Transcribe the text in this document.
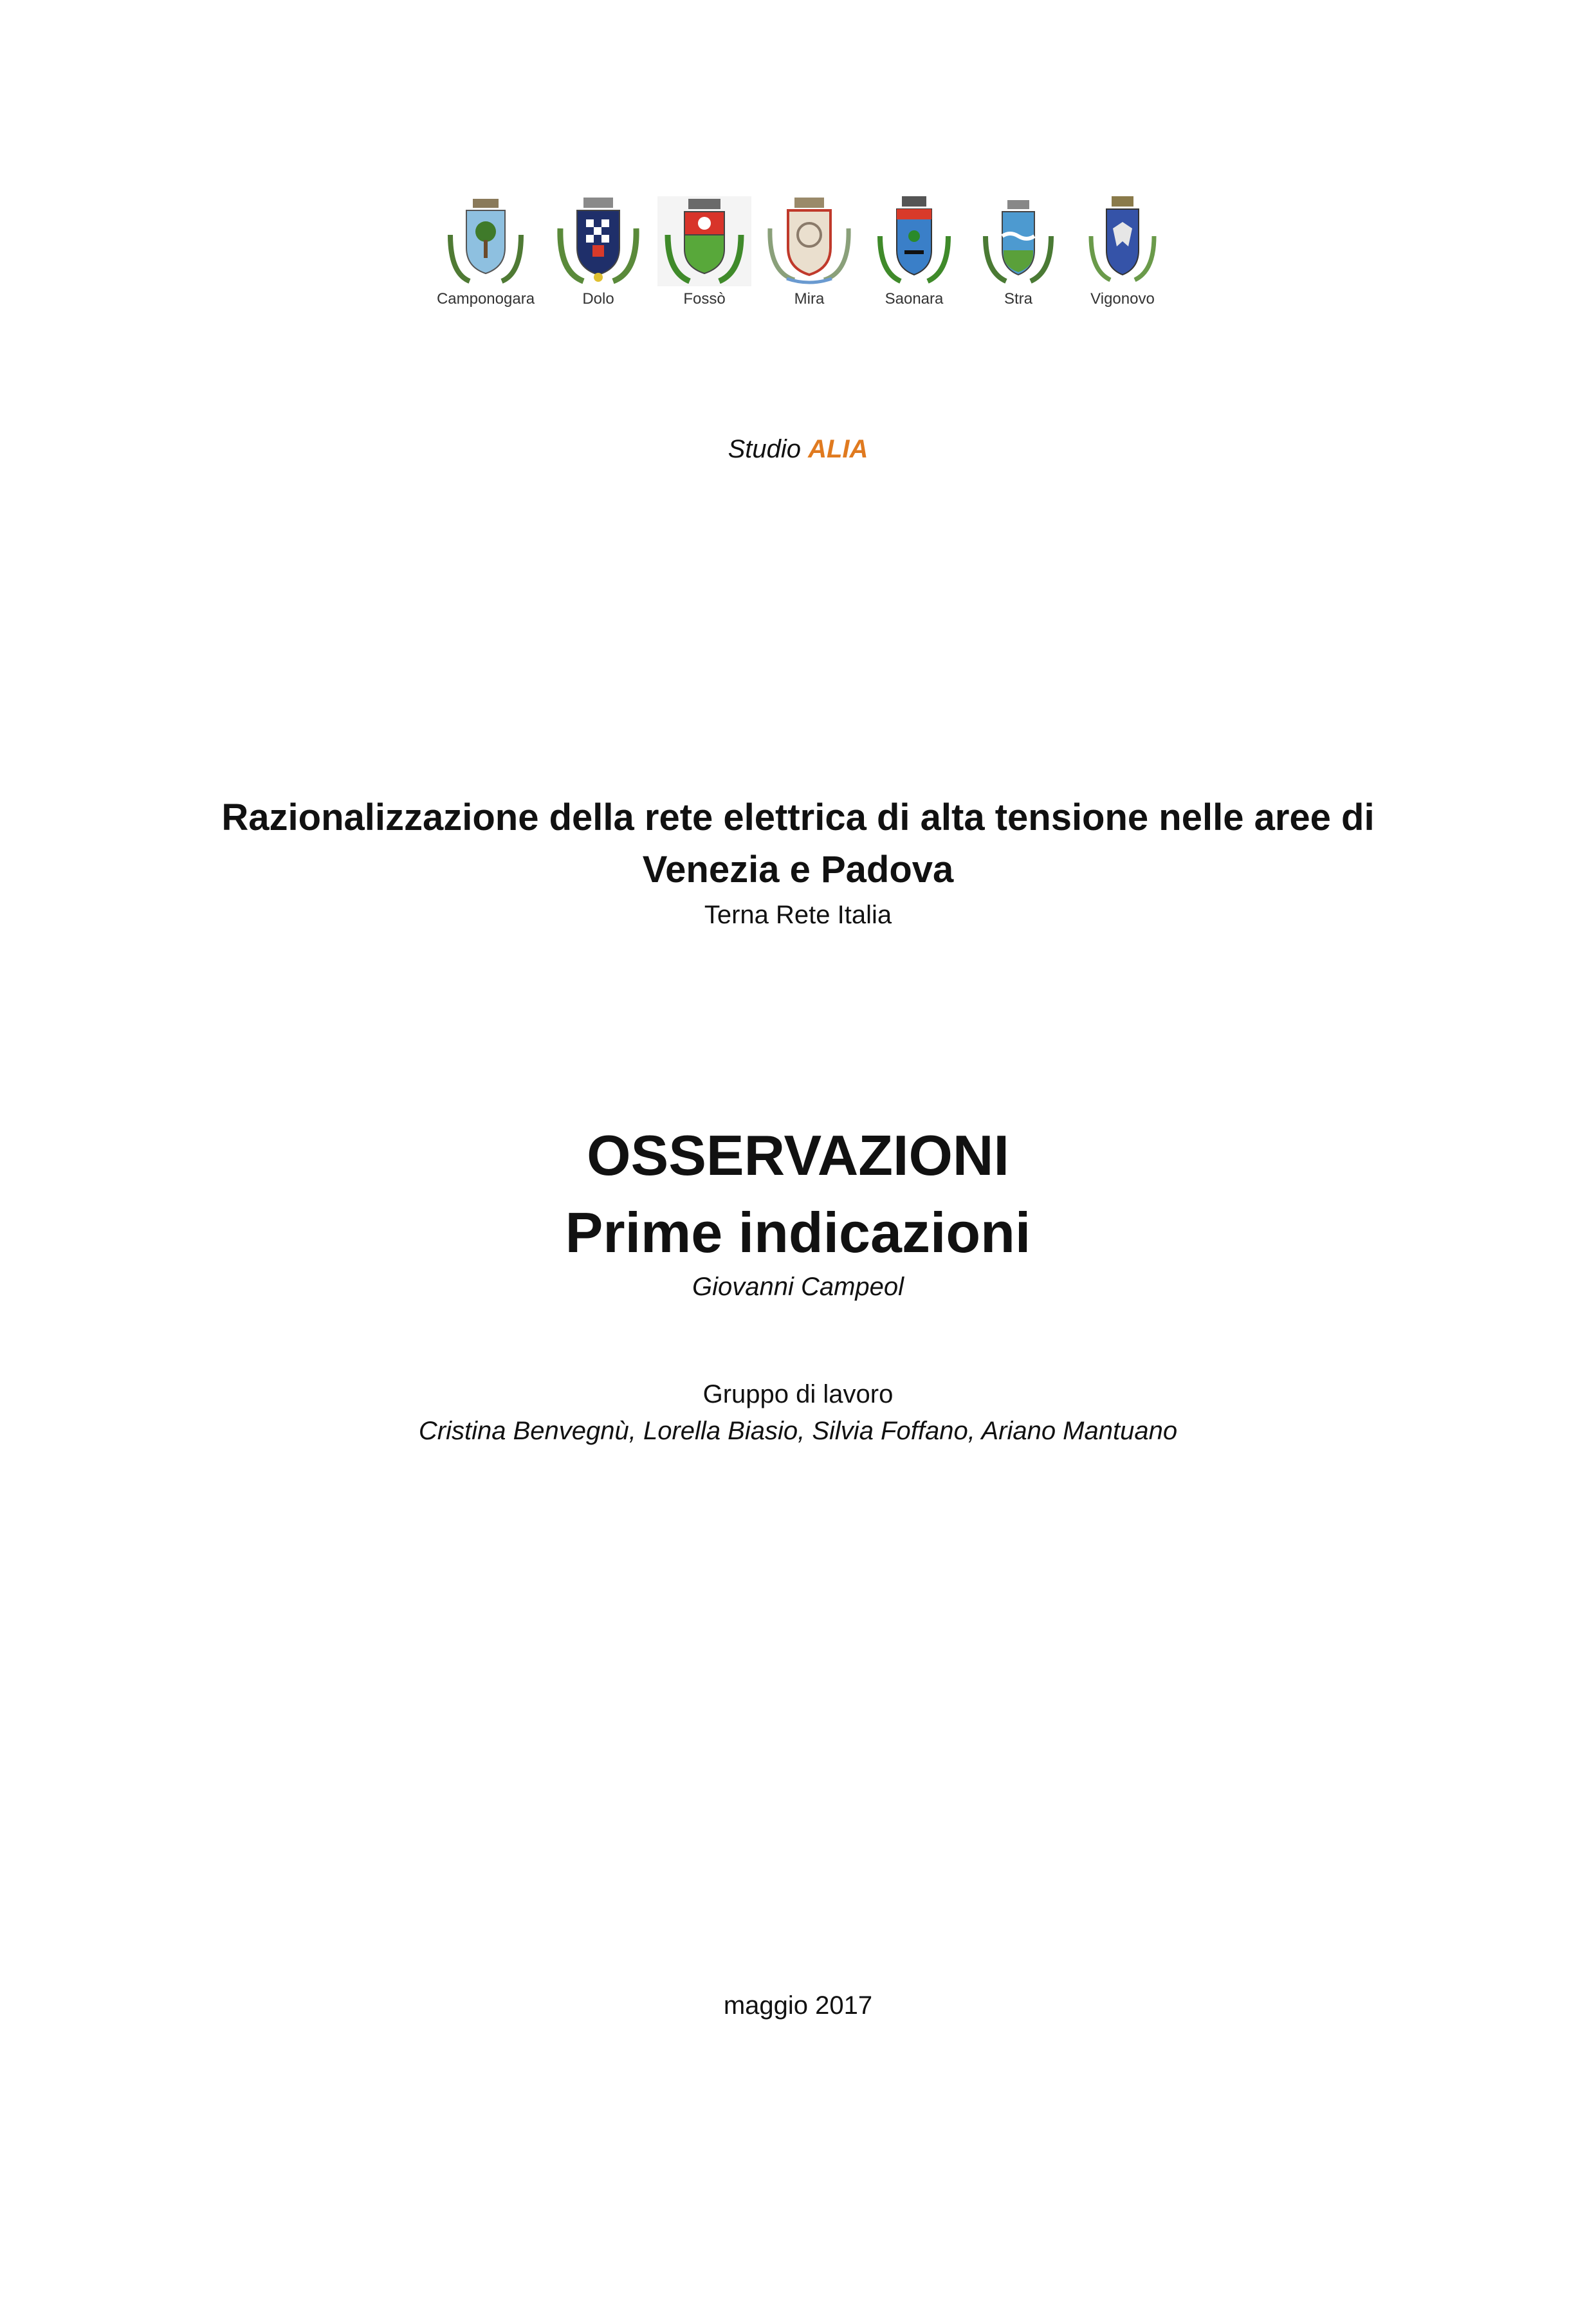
Camponogara	Dolo	Fossò	Mira	Saonara	Stra	Vigonovo
Studio ALIA
Razionalizzazione della rete elettrica di alta tensione nelle aree di
Venezia e Padova
Terna Rete Italia
OSSERVAZIONI
Prime indicazioni
Giovanni Campeol
Gruppo di lavoro
Cristina Benvegnù, Lorella Biasio, Silvia Foffano, Ariano Mantuano
maggio 2017
